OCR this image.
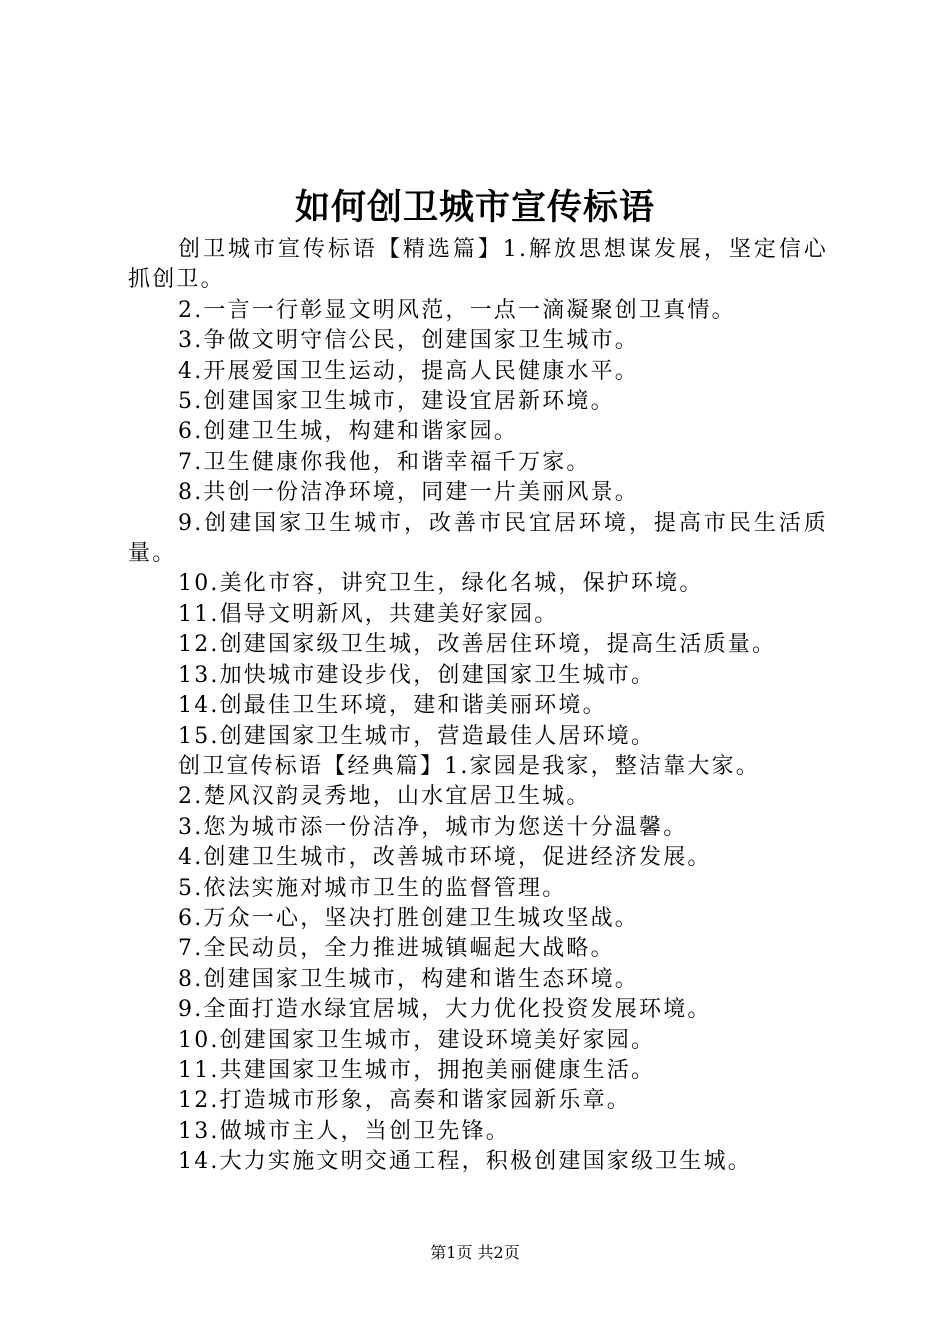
如何创卫城市宣传标语

创卫城市宣传标语【精选篇】1.解放思想谋发展，坚定信心抓创卫。

2.一言一行彰显文明风范，一点一滴凝聚创卫真情。

3.争做文明守信公民，创建国家卫生城市。

4.开展爱国卫生运动，提高人民健康水平。

5.创建国家卫生城市，建设宜居新环境。

6.创建卫生城，构建和谐家园。

7.卫生健康你我他，和谐幸福千万家。

8.共创一份洁净环境，同建一片美丽风景。

9.创建国家卫生城市，改善市民宜居环境，提高市民生活质量。

10.美化市容，讲究卫生，绿化名城，保护环境。

11.倡导文明新风，共建美好家园。

12.创建国家级卫生城，改善居住环境，提高生活质量。

13.加快城市建设步伐，创建国家卫生城市。

14.创最佳卫生环境，建和谐美丽环境。

15.创建国家卫生城市，营造最佳人居环境。

创卫宣传标语【经典篇】1.家园是我家，整洁靠大家。

2.楚风汉韵灵秀地，山水宜居卫生城。

3.您为城市添一份洁净，城市为您送十分温馨。

4.创建卫生城市，改善城市环境，促进经济发展。

5.依法实施对城市卫生的监督管理。

6.万众一心，坚决打胜创建卫生城攻坚战。

7.全民动员，全力推进城镇崛起大战略。

8.创建国家卫生城市，构建和谐生态环境。

9.全面打造水绿宜居城，大力优化投资发展环境。

10.创建国家卫生城市，建设环境美好家园。

11.共建国家卫生城市，拥抱美丽健康生活。

12.打造城市形象，高奏和谐家园新乐章。

13.做城市主人，当创卫先锋。

14.大力实施文明交通工程，积极创建国家级卫生城。

第1页 共2页
